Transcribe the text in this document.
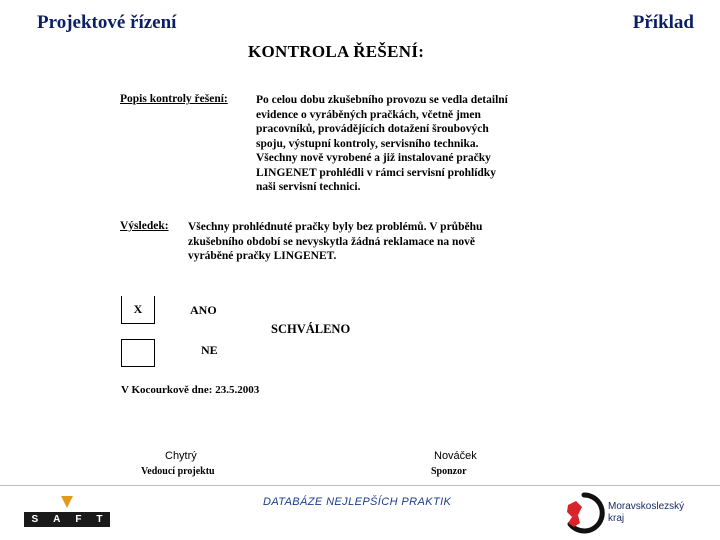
Projektové řízení	Příklad
KONTROLA ŘEŠENÍ:
Popis kontroly řešení: Po celou dobu zkušebního provozu se vedla detailní
evidence o vyráběných pračkách, včetně jmen
pracovníků, provádějících dotažení šroubových
spoju, výstupní kontroly, servisního technika.
Všechny nově vyrobené a již instalované pračky
LINGENET prohlédli v rámci servisní prohlídky
naši servisní technici.
Výsledek: Všechny prohlédnuté pračky byly bez problémů. V průběhu
zkušebního období se nevyskytla žádná reklamace na nově
vyráběné pračky LINGENET.
X	ANO
SCHVÁLENO
NE
V Kocourkově dne: 23.5.2003
Chytrý
Vedoucí projektu
Nováček
Sponzor
S A F T
DATABÁZE NEJLEPŠÍCH PRAKTIK	Moravskoslezský
kraj
